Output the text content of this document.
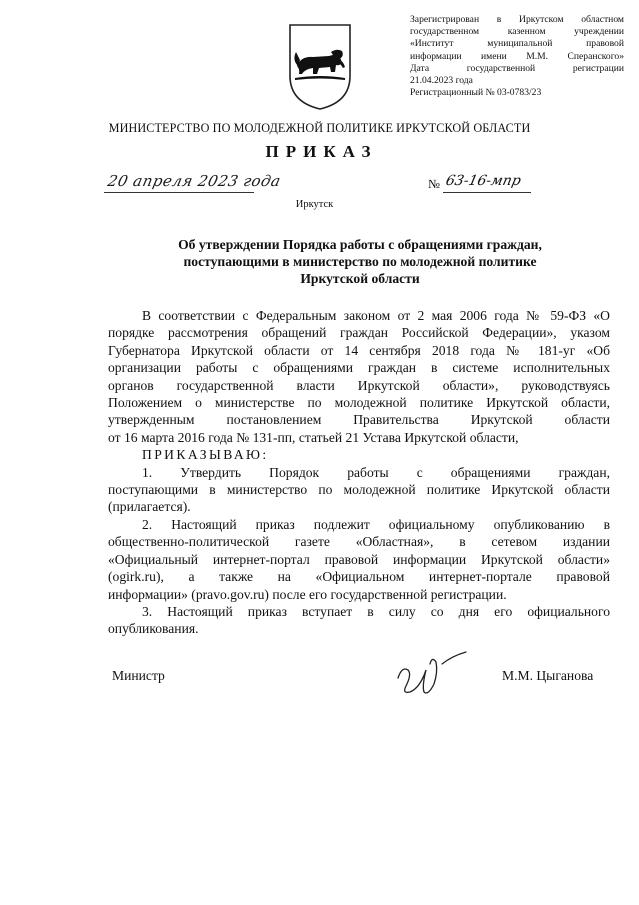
Зарегистрирован в Иркутском областном
государственном казенном учреждении
«Институт муниципальной правовой
информации имени М.М. Сперанского»
Дата государственной регистрации
21.04.2023 года
Регистрационный № 03-0783/23
МИНИСТЕРСТВО ПО МОЛОДЕЖНОЙ ПОЛИТИКЕ ИРКУТСКОЙ ОБЛАСТИ
ПРИКАЗ
20 апреля 2023 года	№ 63-16-мпр
Иркутск
Об утверждении Порядка работы с обращениями граждан,
поступающими в министерство по молодежной политике
Иркутской области
В соответствии с Федеральным законом от 2 мая 2006 года № 59-ФЗ «О
порядке рассмотрения обращений граждан Российской Федерации», указом
Губернатора Иркутской области от 14 сентября 2018 года № 181-уг «Об
организации работы с обращениями граждан в системе исполнительных
органов государственной власти Иркутской области», руководствуясь
Положением о министерстве по молодежной политике Иркутской области,
утвержденным постановлением Правительства Иркутской области
от 16 марта 2016 года № 131-пп, статьей 21 Устава Иркутской области,
ПРИКАЗЫВАЮ:
1. Утвердить Порядок работы с обращениями граждан,
поступающими в министерство по молодежной политике Иркутской области
(прилагается).
2. Настоящий приказ подлежит официальному опубликованию в
общественно-политической газете «Областная», в сетевом издании
«Официальный интернет-портал правовой информации Иркутской области»
(ogirk.ru), а также на «Официальном интернет-портале правовой
информации» (pravo.gov.ru) после его государственной регистрации.
3. Настоящий приказ вступает в силу со дня его официального
опубликования.
Министр	М.М. Цыганова
